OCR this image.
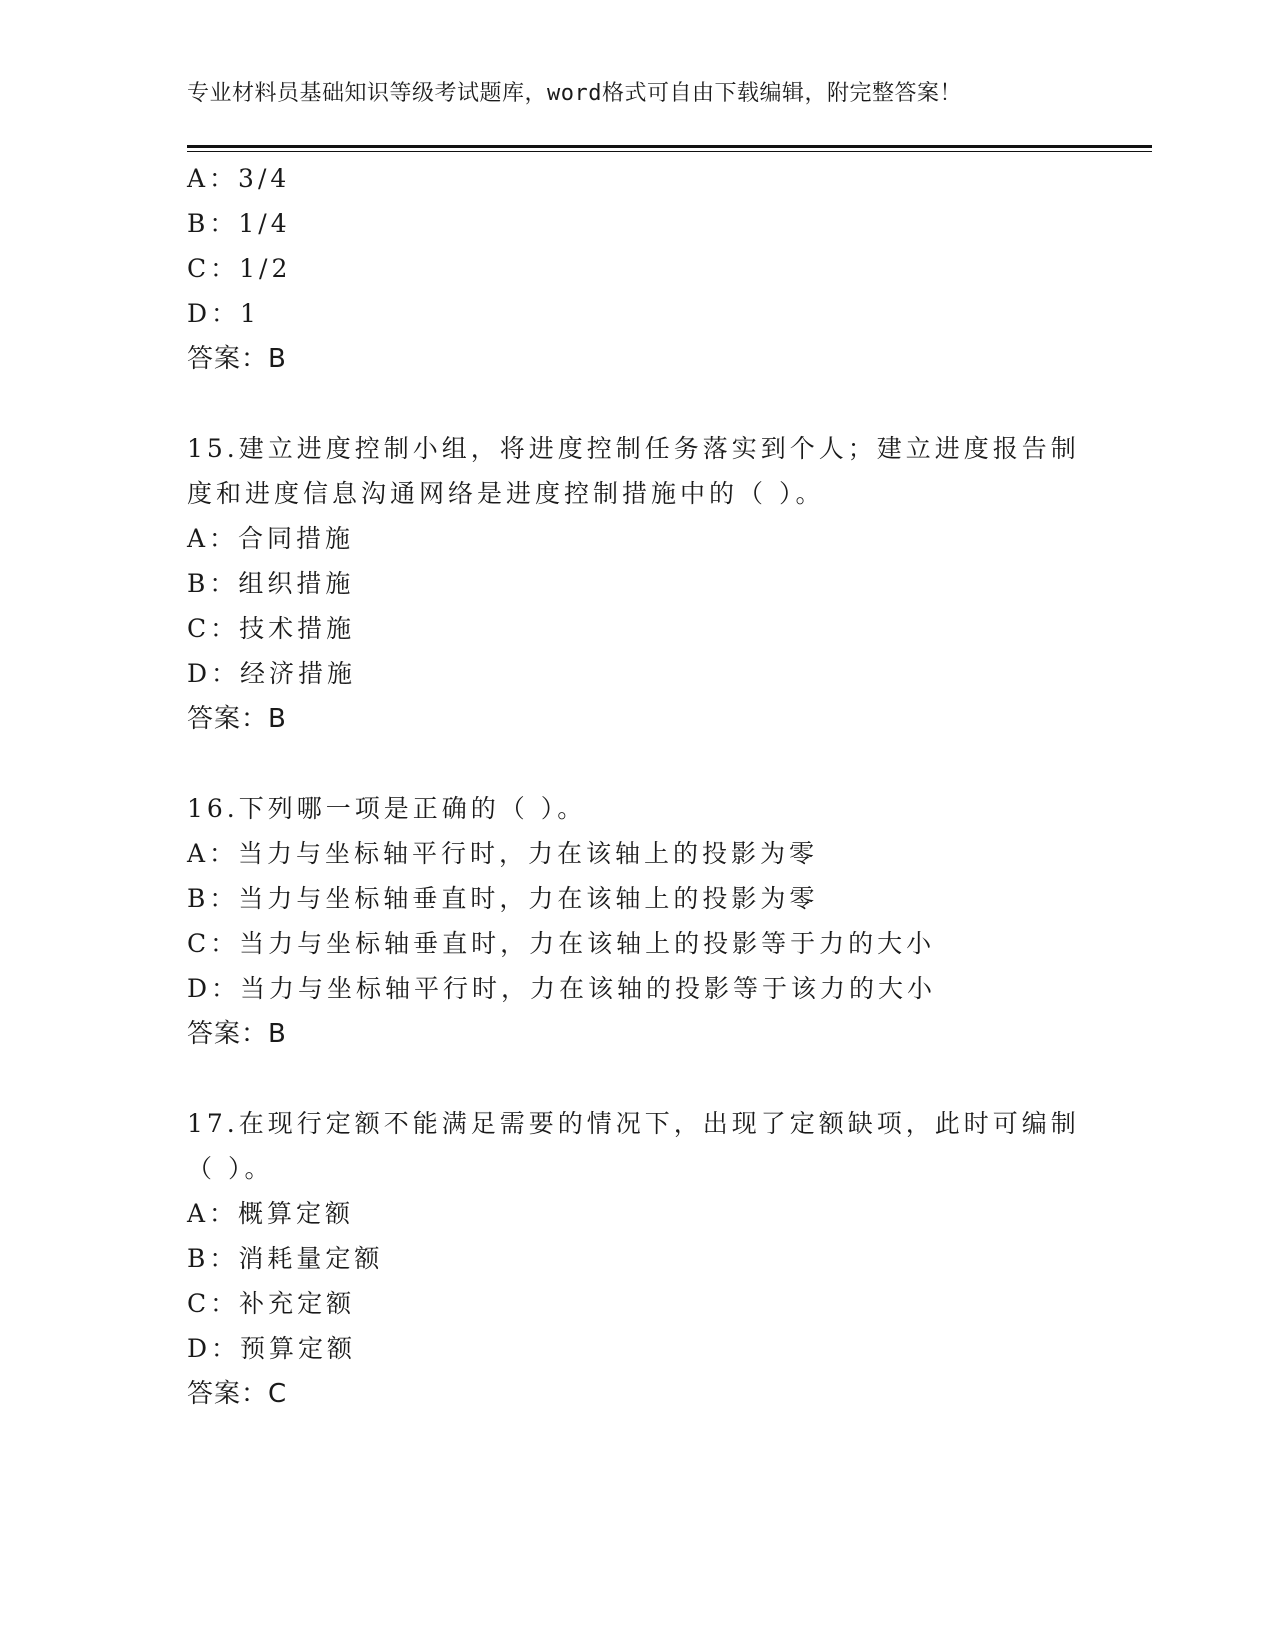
专业材料员基础知识等级考试题库，word格式可自由下载编辑，附完整答案！
A：3/4
B：1/4
C：1/2
D：1
答案：B
15.建立进度控制小组，将进度控制任务落实到个人；建立进度报告制
度和进度信息沟通网络是进度控制措施中的（ ）。
A：合同措施
B：组织措施
C：技术措施
D：经济措施
答案：B
16.下列哪一项是正确的（ ）。
A：当力与坐标轴平行时，力在该轴上的投影为零
B：当力与坐标轴垂直时，力在该轴上的投影为零
C：当力与坐标轴垂直时，力在该轴上的投影等于力的大小
D：当力与坐标轴平行时，力在该轴的投影等于该力的大小
答案：B
17.在现行定额不能满足需要的情况下，出现了定额缺项，此时可编制
（ ）。
A：概算定额
B：消耗量定额
C：补充定额
D：预算定额
答案：C
